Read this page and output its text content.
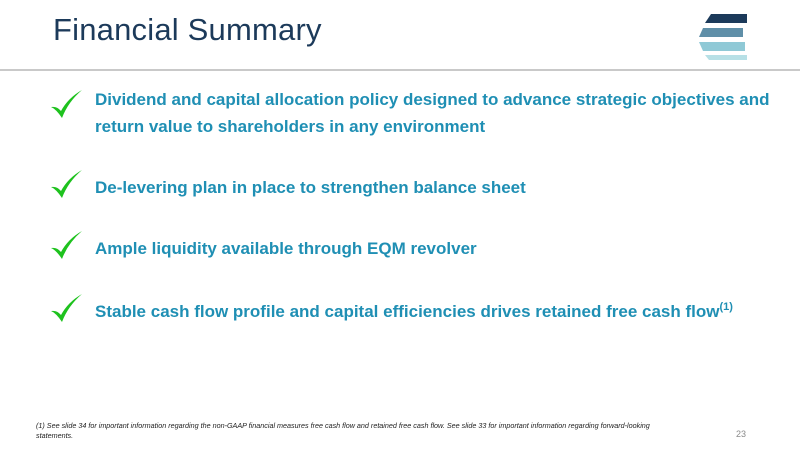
Financial Summary
Dividend and capital allocation policy designed to advance strategic objectives and return value to shareholders in any environment
De-levering plan in place to strengthen balance sheet
Ample liquidity available through EQM revolver
Stable cash flow profile and capital efficiencies drives retained free cash flow$^{(1)}$
(1) See slide 34 for important information regarding the non-GAAP financial measures free cash flow and retained free cash flow. See slide 33 for important information regarding forward-looking statements.	23
